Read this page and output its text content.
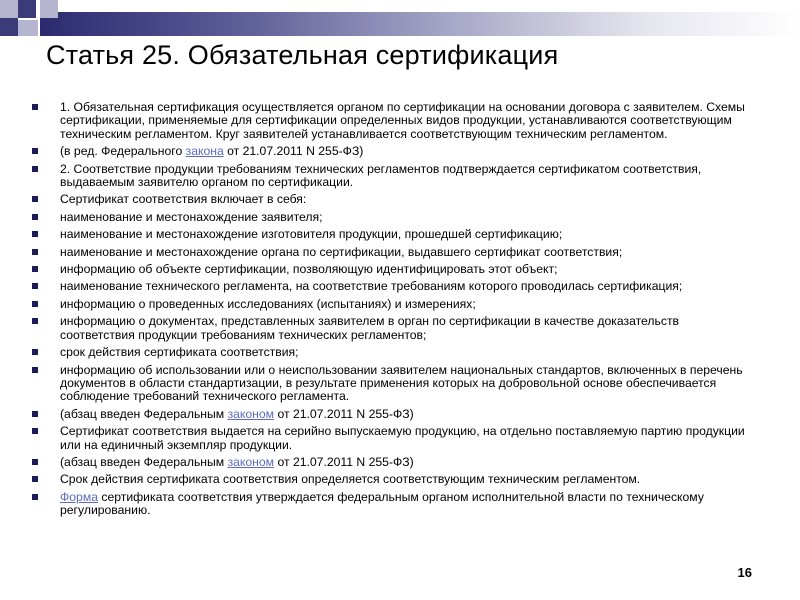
Статья 25. Обязательная сертификация
1. Обязательная сертификация осуществляется органом по сертификации на основании договора с заявителем. Схемы сертификации, применяемые для сертификации определенных видов продукции, устанавливаются соответствующим техническим регламентом. Круг заявителей устанавливается соответствующим техническим регламентом.
(в ред. Федерального закона от 21.07.2011 N 255-ФЗ)
2. Соответствие продукции требованиям технических регламентов подтверждается сертификатом соответствия, выдаваемым заявителю органом по сертификации.
Сертификат соответствия включает в себя:
наименование и местонахождение заявителя;
наименование и местонахождение изготовителя продукции, прошедшей сертификацию;
наименование и местонахождение органа по сертификации, выдавшего сертификат соответствия;
информацию об объекте сертификации, позволяющую идентифицировать этот объект;
наименование технического регламента, на соответствие требованиям которого проводилась сертификация;
информацию о проведенных исследованиях (испытаниях) и измерениях;
информацию о документах, представленных заявителем в орган по сертификации в качестве доказательств соответствия продукции требованиям технических регламентов;
срок действия сертификата соответствия;
информацию об использовании или о неиспользовании заявителем национальных стандартов, включенных в перечень документов в области стандартизации, в результате применения которых на добровольной основе обеспечивается соблюдение требований технического регламента.
(абзац введен Федеральным законом от 21.07.2011 N 255-ФЗ)
Сертификат соответствия выдается на серийно выпускаемую продукцию, на отдельно поставляемую партию продукции или на единичный экземпляр продукции.
(абзац введен Федеральным законом от 21.07.2011 N 255-ФЗ)
Срок действия сертификата соответствия определяется соответствующим техническим регламентом.
Форма сертификата соответствия утверждается федеральным органом исполнительной власти по техническому регулированию.
16
